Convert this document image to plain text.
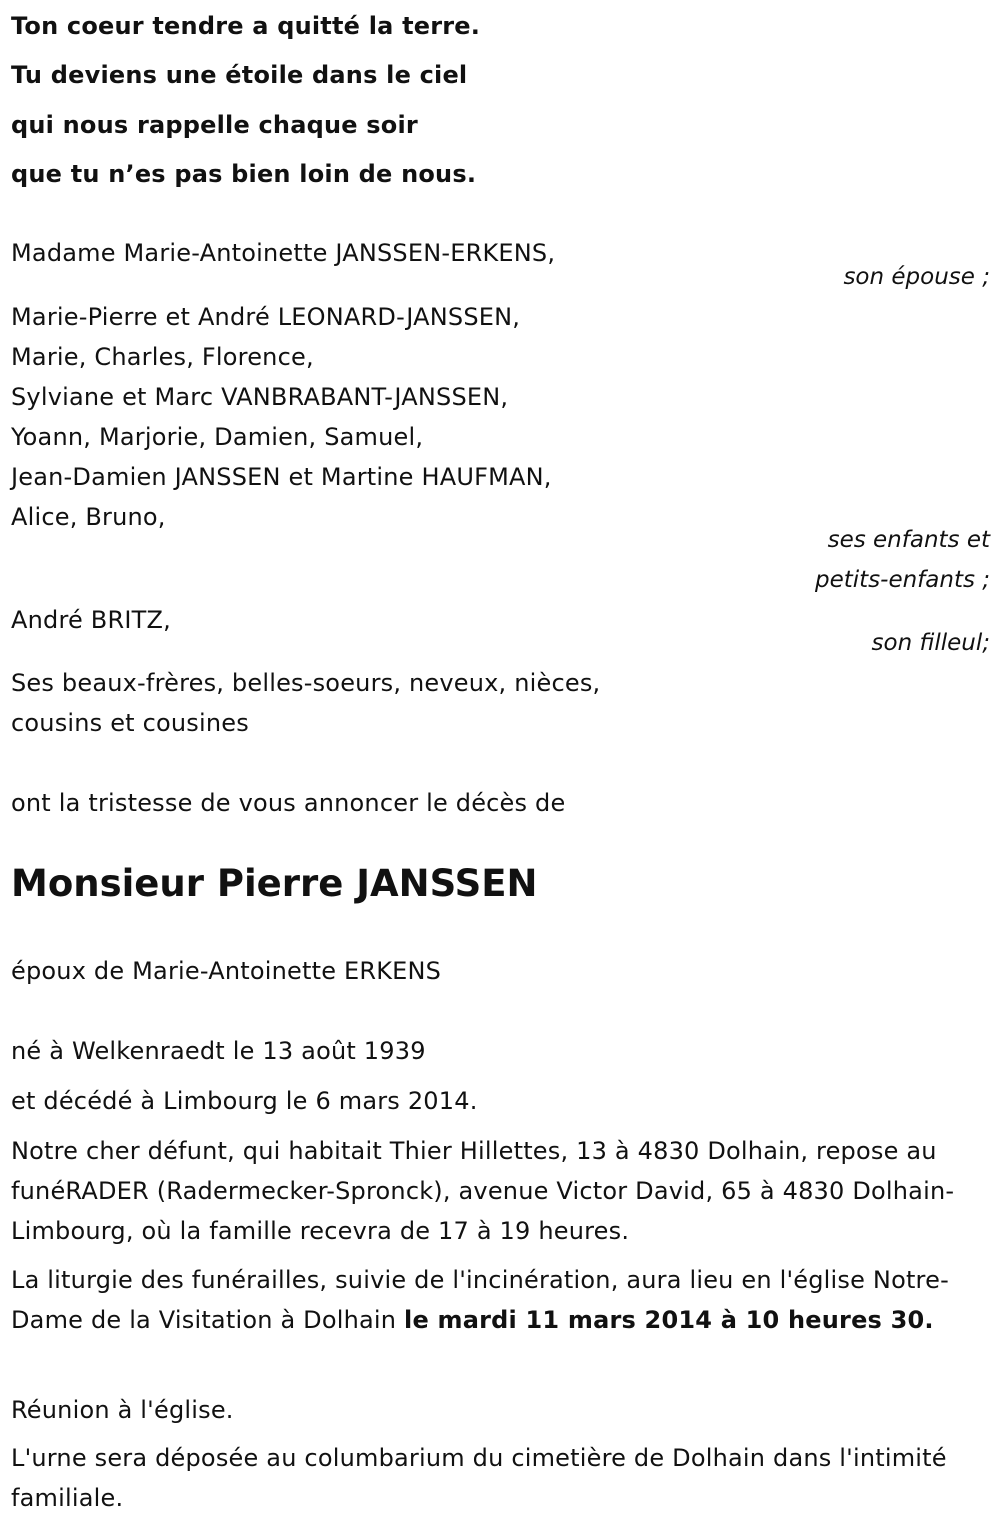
Ton coeur tendre a quitté la terre.
Tu deviens une étoile dans le ciel
qui nous rappelle chaque soir
que tu n’es pas bien loin de nous.
Madame Marie-Antoinette JANSSEN-ERKENS,
son épouse ;
Marie-Pierre et André LEONARD-JANSSEN,
Marie, Charles, Florence,
Sylviane et Marc VANBRABANT-JANSSEN,
Yoann, Marjorie, Damien, Samuel,
Jean-Damien JANSSEN et Martine HAUFMAN,
Alice, Bruno,
ses enfants et
petits-enfants ;
André BRITZ,
son filleul;
Ses beaux-frères, belles-soeurs, neveux, nièces,
cousins et cousines
ont la tristesse de vous annoncer le décès de
Monsieur Pierre JANSSEN
époux de Marie-Antoinette ERKENS
né à Welkenraedt le 13 août 1939
et décédé à Limbourg le 6 mars 2014.
Notre cher défunt, qui habitait Thier Hillettes, 13 à 4830 Dolhain, repose au funéRADER (Radermecker-Spronck), avenue Victor David, 65 à 4830 Dolhain-Limbourg, où la famille recevra de 17 à 19 heures.
La liturgie des funérailles, suivie de l'incinération, aura lieu en l'église Notre-Dame de la Visitation à Dolhain le mardi 11 mars 2014 à 10 heures 30.
Réunion à l'église.
L'urne sera déposée au columbarium du cimetière de Dolhain dans l'intimité familiale.
